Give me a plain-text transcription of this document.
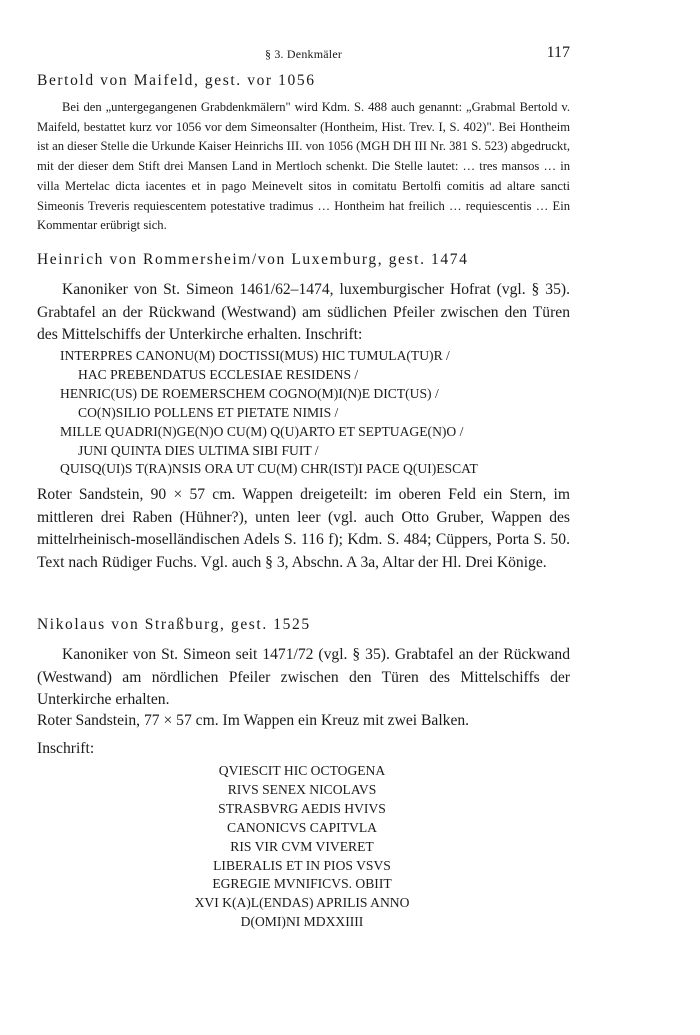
§ 3. Denkmäler	117
Bertold von Maifeld, gest. vor 1056

Bei den „untergegangenen Grabdenkmälern" wird Kdm. S. 488 auch genannt: „Grabmal Bertold v. Maifeld, bestattet kurz vor 1056 vor dem Simeonsalter (Hontheim, Hist. Trev. I, S. 402)". Bei Hontheim ist an dieser Stelle die Urkunde Kaiser Heinrichs III. von 1056 (MGH DH III Nr. 381 S. 523) abgedruckt, mit der dieser dem Stift drei Mansen Land in Mertloch schenkt. Die Stelle lautet: … tres mansos … in villa Mertelac dicta iacentes et in pago Meinevelt sitos in comitatu Bertolfi comitis ad altare sancti Simeonis Treveris requiescentem potestative tradimus … Hontheim hat freilich … requiescentis … Ein Kommentar erübrigt sich.

Heinrich von Rommersheim/von Luxemburg, gest. 1474

Kanoniker von St. Simeon 1461/62–1474, luxemburgischer Hofrat (vgl. § 35). Grabtafel an der Rückwand (Westwand) am südlichen Pfeiler zwischen den Türen des Mittelschiffs der Unterkirche erhalten. Inschrift:

INTERPRES CANONU(M) DOCTISSI(MUS) HIC TUMULA(TU)R /
HAC PREBENDATUS ECCLESIAE RESIDENS /
HENRIC(US) DE ROEMERSCHEM COGNO(M)I(N)E DICT(US) /
CO(N)SILIO POLLENS ET PIETATE NIMIS /
MILLE QUADRI(N)GE(N)O CU(M) Q(U)ARTO ET SEPTUAGE(N)O /
JUNI QUINTA DIES ULTIMA SIBI FUIT /
QUISQ(UI)S T(RA)NSIS ORA UT CU(M) CHR(IST)I PACE Q(UI)ESCAT

Roter Sandstein, 90 × 57 cm. Wappen dreigeteilt: im oberen Feld ein Stern, im mittleren drei Raben (Hühner?), unten leer (vgl. auch Otto Gruber, Wappen des mittelrheinisch-moselländischen Adels S. 116 f); Kdm. S. 484; Cüppers, Porta S. 50. Text nach Rüdiger Fuchs. Vgl. auch § 3, Abschn. A 3a, Altar der Hl. Drei Könige.

Nikolaus von Straßburg, gest. 1525

Kanoniker von St. Simeon seit 1471/72 (vgl. § 35). Grabtafel an der Rückwand (Westwand) am nördlichen Pfeiler zwischen den Türen des Mittelschiffs der Unterkirche erhalten.

Roter Sandstein, 77 × 57 cm. Im Wappen ein Kreuz mit zwei Balken.

Inschrift:
QVIESCIT HIC OCTOGENA
RIVS SENEX NICOLAVS
STRASBVRG AEDIS HVIVS
CANONICVS CAPITVLA
RIS VIR CVM VIVERET
LIBERALIS ET IN PIOS VSVS
EGREGIE MVNIFICVS. OBIIT
XVI K(A)L(ENDAS) APRILIS ANNO
D(OMI)NI MDXXIIII
